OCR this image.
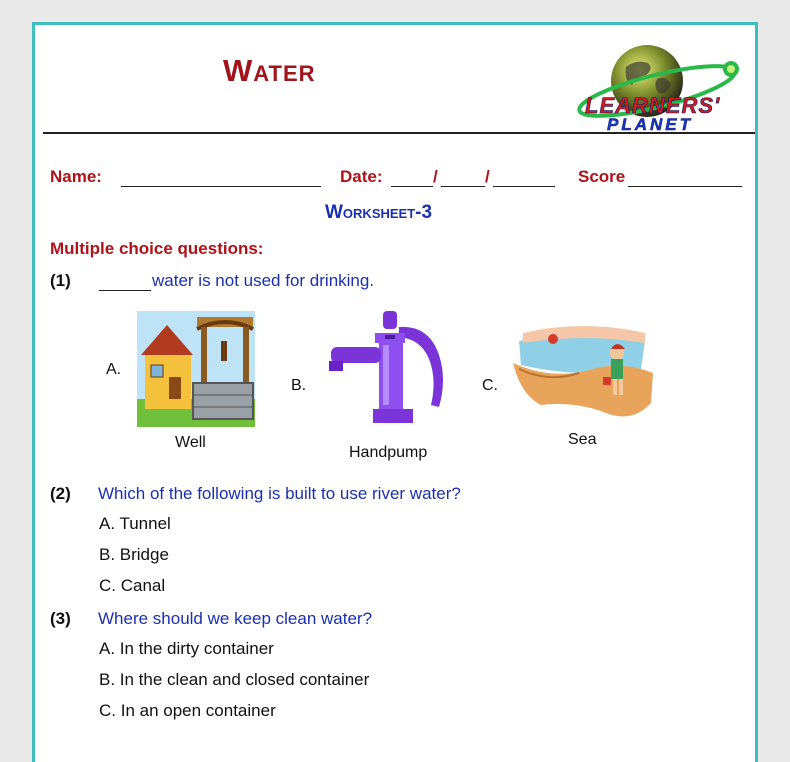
Water
LEARNERS'
PLANET
Name:	Date:	/	/	Score
Worksheet-3
Multiple choice questions:
(1)	water is not used for drinking.
A.
Well
B.
Handpump
C.
Sea
(2) Which of the following is built to use river water?
A. Tunnel
B. Bridge
C. Canal
(3) Where should we keep clean water?
A. In the dirty container
B. In the clean and closed container
C. In an open container
